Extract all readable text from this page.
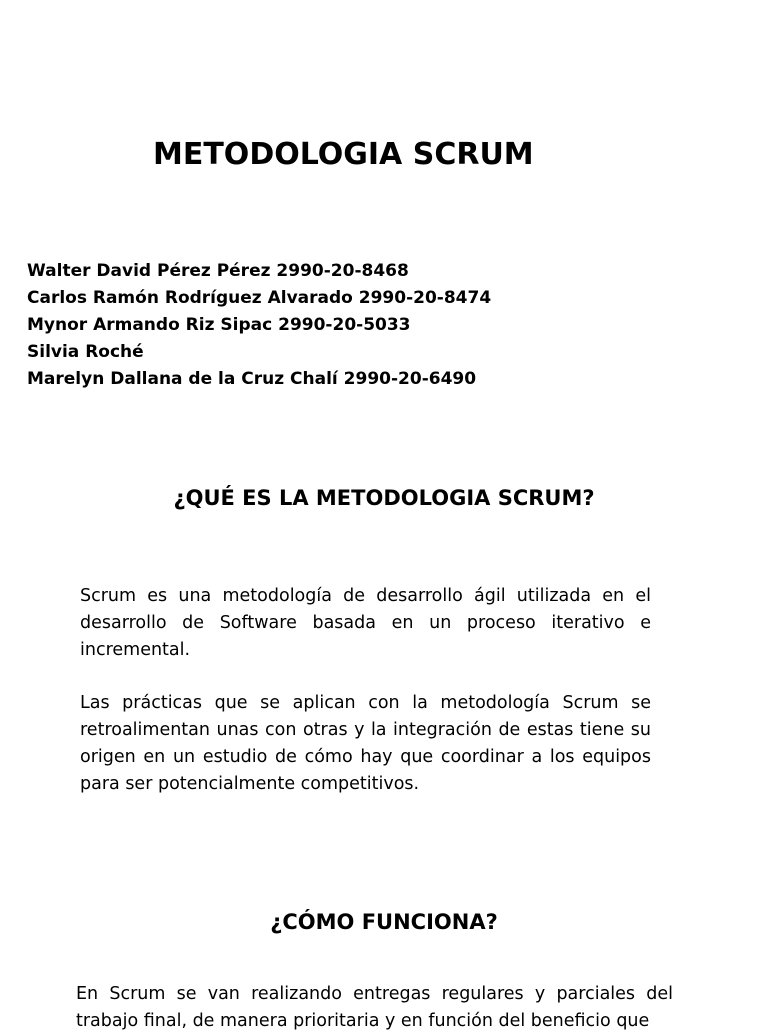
METODOLOGIA SCRUM
Walter David Pérez Pérez 2990-20-8468
Carlos Ramón Rodríguez Alvarado 2990-20-8474
Mynor Armando Riz Sipac 2990-20-5033
Silvia Roché
Marelyn Dallana de la Cruz Chalí 2990-20-6490
¿QUÉ ES LA METODOLOGIA SCRUM?

Scrum es una metodología de desarrollo ágil utilizada en el desarrollo de Software basada en un proceso iterativo e incremental.

Las prácticas que se aplican con la metodología Scrum se retroalimentan unas con otras y la integración de estas tiene su origen en un estudio de cómo hay que coordinar a los equipos para ser potencialmente competitivos.

¿CÓMO FUNCIONA?

En Scrum se van realizando entregas regulares y parciales del trabajo final, de manera prioritaria y en función del beneficio que
